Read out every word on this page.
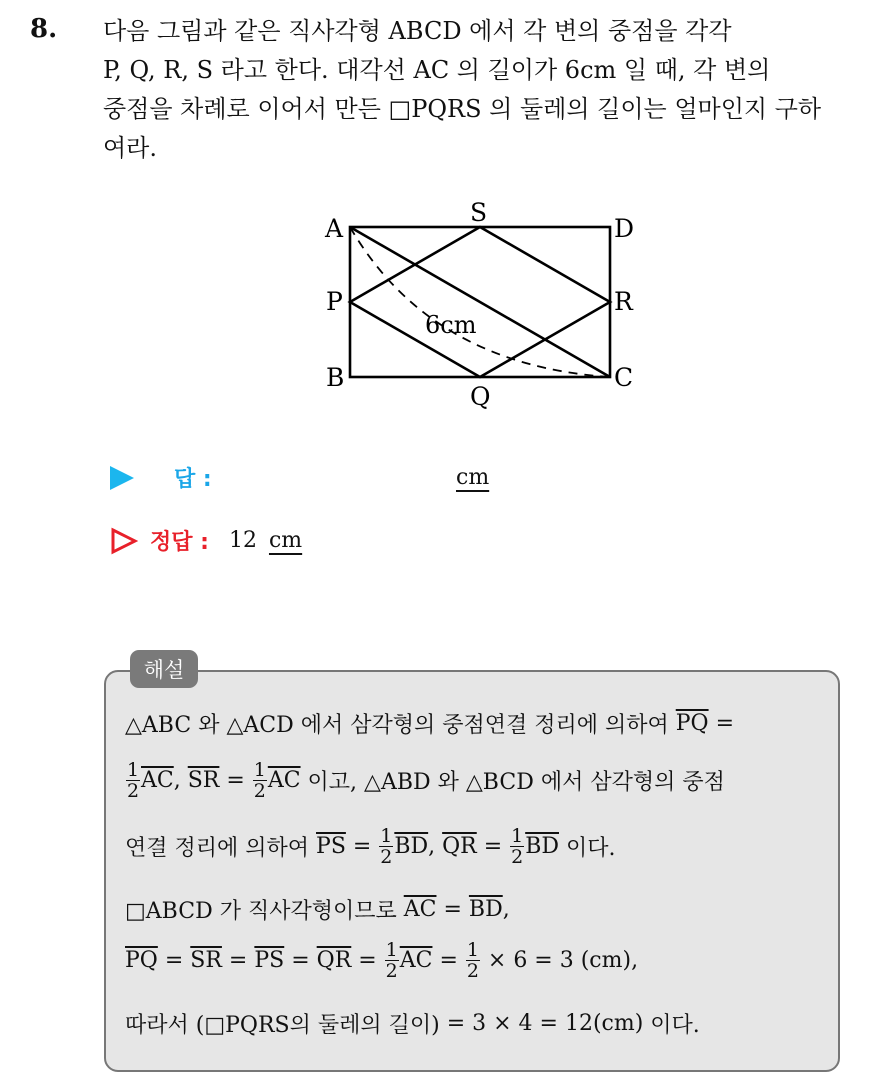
8. 다음 그림과 같은 직사각형 ABCD 에서 각 변의 중점을 각각
P, Q, R, S 라고 한다. 대각선 AC 의 길이가 6cm 일 때, 각 변의
중점을 차례로 이어서 만든 □PQRS 의 둘레의 길이는 얼마인지 구하
여라.
A
S
D
P	R
B
Q
C
6cm
답 :	cm
정답 : 12 cm
해설
△ABC 와 △ACD 에서 삼각형의 중점연결 정리에 의하여 $\overline{PQ}$ =
$\frac{1}{2} \overline{AC}$ , $\overline{SR} = \frac{1}{2} \overline{AC}$ 이고, △ABD 와 △BCD 에서 삼각형의 중점
연결 정리에 의하여 $\overline{PS} = \frac{1}{2} \overline{BD}$ , $\overline{QR} = \frac{1}{2} \overline{BD}$ 이다.
□ABCD 가 직사각형이므로 $\overline{AC} = \overline{BD}$ ,
$\overline{PQ} = \overline{SR} = \overline{PS} = \overline{QR} = \frac{1}{2} \overline{AC} = \frac{1}{2} \times 6 = 3$ (cm),
따라서 (□PQRS의 둘레의 길이) = 3 × 4 = 12(cm) 이다.
